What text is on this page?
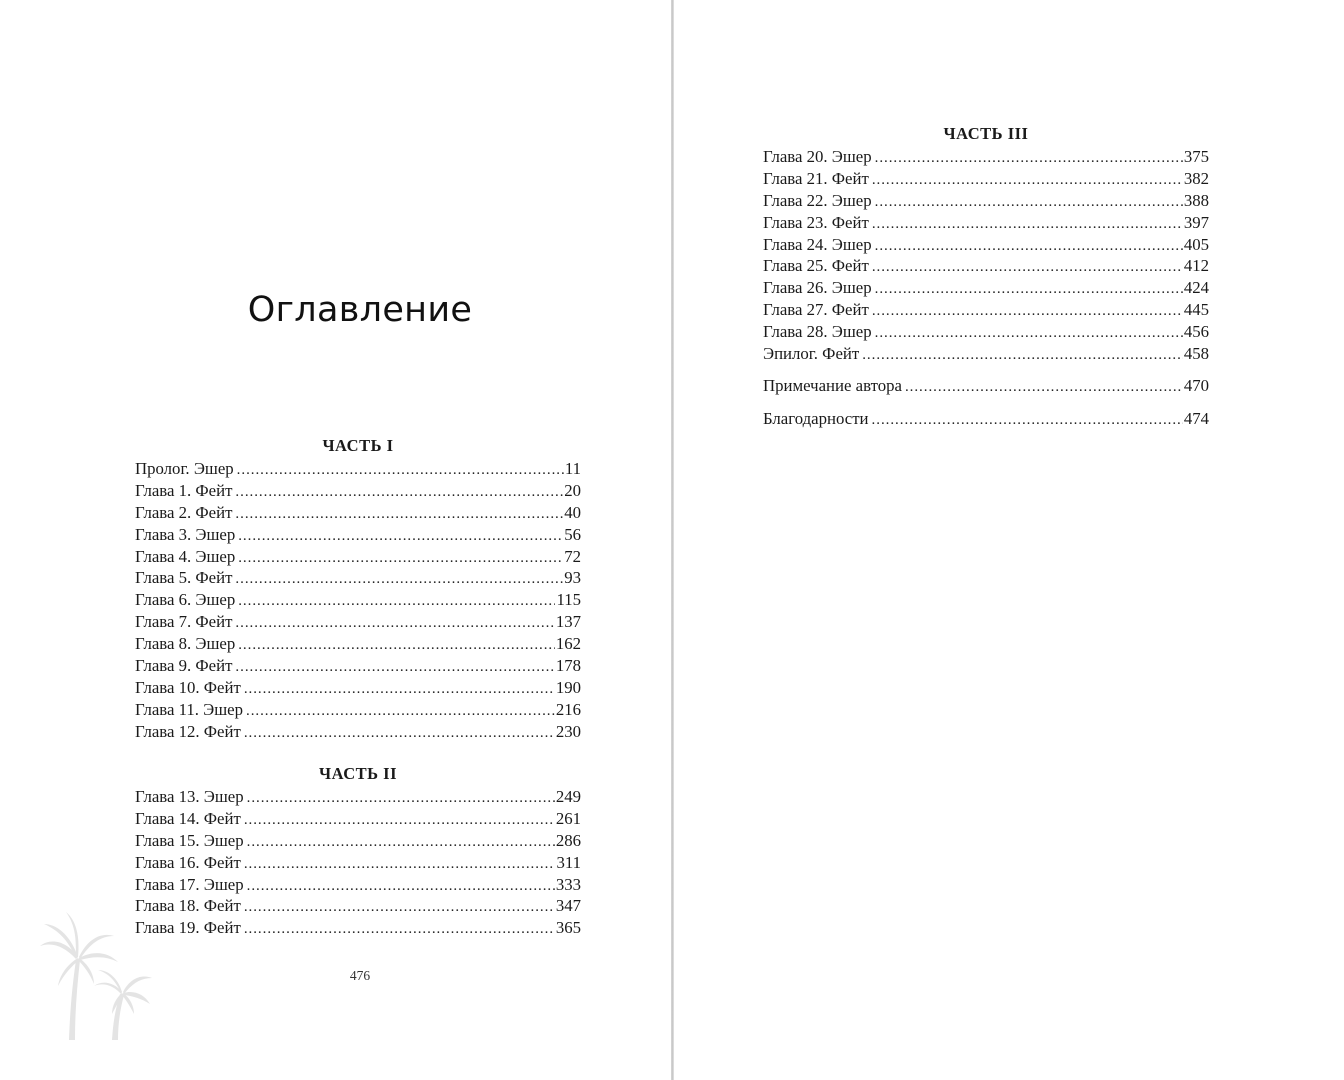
Оглавление
ЧАСТЬ I
Пролог. Эшер . . .	11
Глава 1. Фейт . . .	20
Глава 2. Фейт . . .	40
Глава 3. Эшер . . .	56
Глава 4. Эшер . . .	72
Глава 5. Фейт . . .	93
Глава 6. Эшер . . .	115
Глава 7. Фейт . . .	137
Глава 8. Эшер . . .	162
Глава 9. Фейт . . .	178
Глава 10. Фейт . . .	190
Глава 11. Эшер . . .	216
Глава 12. Фейт . . .	230
ЧАСТЬ II
Глава 13. Эшер . . .	249
Глава 14. Фейт . . .	261
Глава 15. Эшер . . .	286
Глава 16. Фейт . . .	311
Глава 17. Эшер . . .	333
Глава 18. Фейт . . .	347
Глава 19. Фейт . . .	365
476
ЧАСТЬ III
Глава 20. Эшер . . .	375
Глава 21. Фейт . . .	382
Глава 22. Эшер . . .	388
Глава 23. Фейт . . .	397
Глава 24. Эшер . . .	405
Глава 25. Фейт . . .	412
Глава 26. Эшер . . .	424
Глава 27. Фейт . . .	445
Глава 28. Эшер . . .	456
Эпилог. Фейт . . .	458
Примечание автора . . .	470
Благодарности . . .	474
